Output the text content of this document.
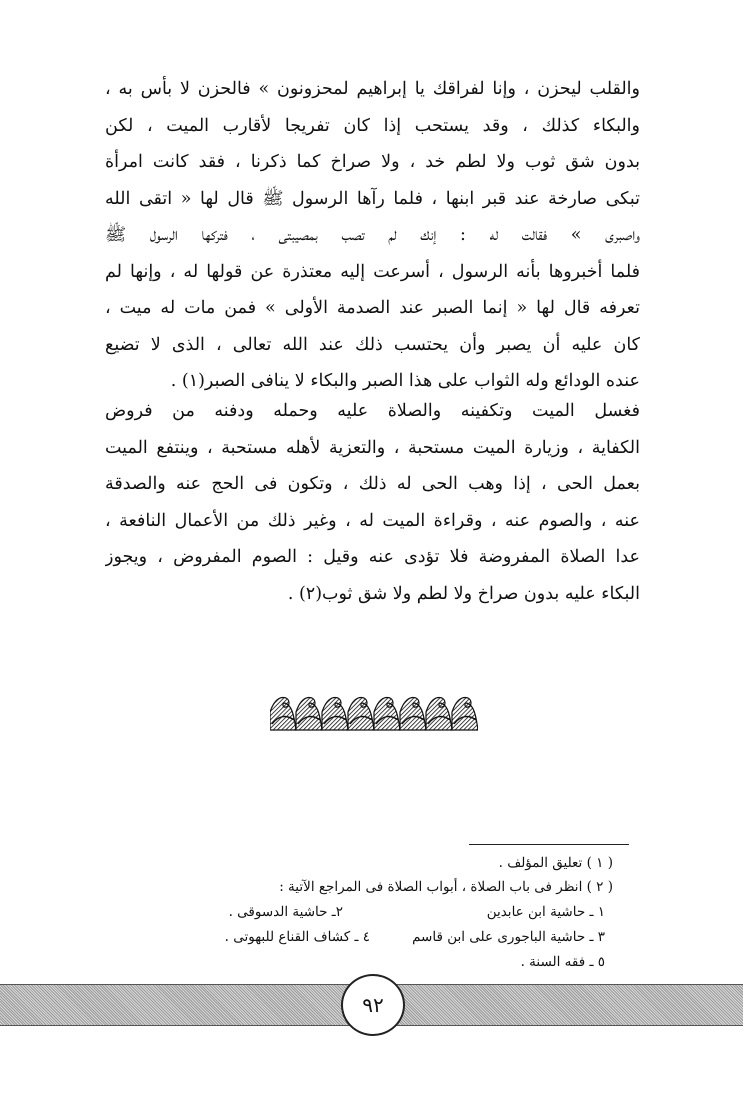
والقلب ليحزن ، وإنا لفراقك يا إبراهيم لمحزونون » فالحزن لا بأس به ،
والبكاء كذلك ، وقد يستحب إذا كان تفريجا لأقارب الميت ، لكن
بدون شق ثوب ولا لطم خد ، ولا صراخ كما ذكرنا ، فقد كانت امرأة
تبكى صارخة عند قبر ابنها ، فلما رآها الرسول ﷺ قال لها « اتقى الله
واصبرى » فقالت له : إنك لم تصب بمصيبتى ، فتركها الرسول ﷺ
فلما أخبروها بأنه الرسول ، أسرعت إليه معتذرة عن قولها له ، وإنها لم
تعرفه قال لها « إنما الصبر عند الصدمة الأولى » فمن مات له ميت ،
كان عليه أن يصبر وأن يحتسب ذلك عند الله تعالى ، الذى لا تضيع
عنده الودائع وله الثواب على هذا الصبر والبكاء لا ينافى الصبر(١) .
فغسل الميت وتكفينه والصلاة عليه وحمله ودفنه من فروض
الكفاية ، وزيارة الميت مستحبة ، والتعزية لأهله مستحبة ، وينتفع الميت
بعمل الحى ، إذا وهب الحى له ذلك ، وتكون فى الحج عنه والصدقة
عنه ، والصوم عنه ، وقراءة الميت له ، وغير ذلك من الأعمال النافعة ،
عدا الصلاة المفروضة فلا تؤدى عنه وقيل : الصوم المفروض ، ويجوز
البكاء عليه بدون صراخ ولا لطم ولا شق ثوب(٢) .
( ١ ) تعليق المؤلف .
( ٢ ) انظر فى باب الصلاة ، أبواب الصلاة فى المراجع الآتية :
١ ـ حاشية ابن عابدين
٢ـ حاشية الدسوقى .
٣ ـ حاشية الباجورى على ابن قاسم
٤ ـ كشاف القناع للبهوتى .
٥ ـ فقه السنة .
٩٢
